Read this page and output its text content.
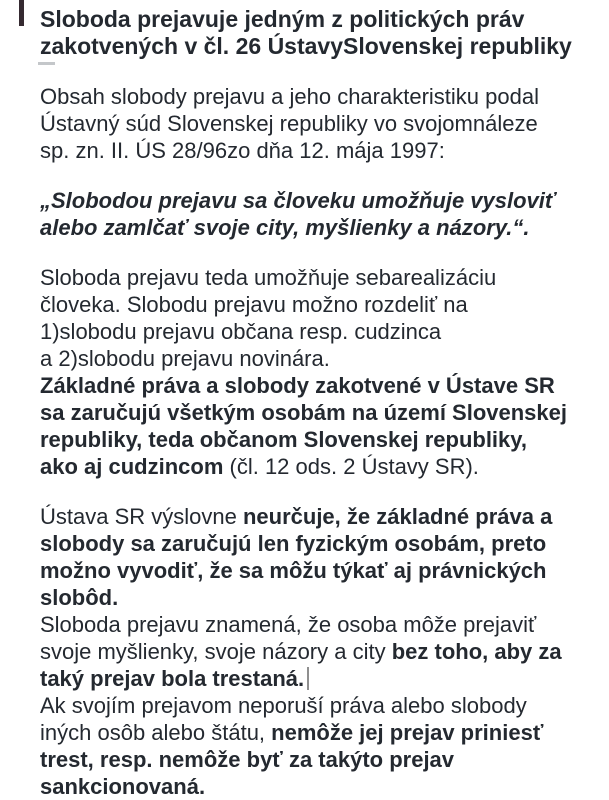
Sloboda prejavuje jedným z politických práv
zakotvených v čl. 26 ÚstavySlovenskej republiky

Obsah slobody prejavu a jeho charakteristiku podal
Ústavný súd Slovenskej republiky vo svojomnáleze
sp. zn. II. ÚS 28/96zo dňa 12. mája 1997:

„Slobodou prejavu sa človeku umožňuje vysloviť
alebo zamlčať svoje city, myšlienky a názory.“.

Sloboda prejavu teda umožňuje sebarealizáciu
človeka. Slobodu prejavu možno rozdeliť na
1)slobodu prejavu občana resp. cudzinca
a 2)slobodu prejavu novinára.
Základné práva a slobody zakotvené v Ústave SR
sa zaručujú všetkým osobám na území Slovenskej
republiky, teda občanom Slovenskej republiky,
ako aj cudzincom (čl. 12 ods. 2 Ústavy SR).

Ústava SR výslovne neurčuje, že základné práva a
slobody sa zaručujú len fyzickým osobám, preto
možno vyvodiť, že sa môžu týkať aj právnických
slobôd.
Sloboda prejavu znamená, že osoba môže prejaviť
svoje myšlienky, svoje názory a city bez toho, aby za
taký prejav bola trestaná.
Ak svojím prejavom neporuší práva alebo slobody
iných osôb alebo štátu, nemôže jej prejav priniesť
trest, resp. nemôže byť za takýto prejav
sankcionovaná.
